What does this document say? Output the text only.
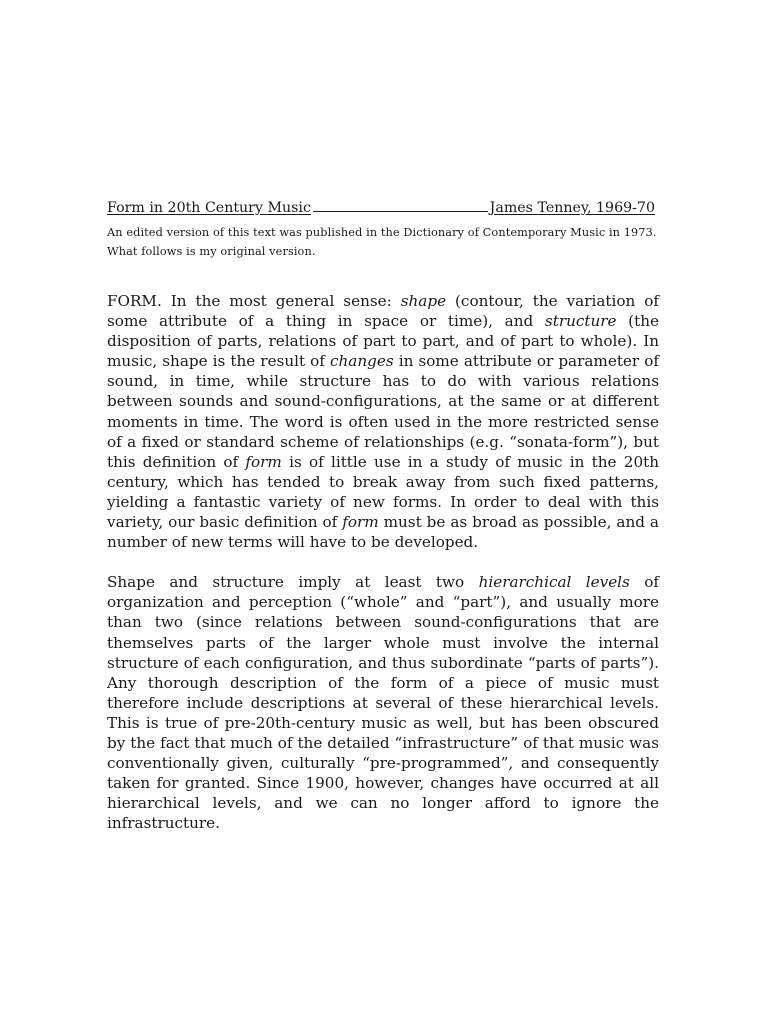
Form in 20th Century Music	James Tenney, 1969-70
An edited version of this text was published in the Dictionary of Contemporary Music in 1973. What follows is my original version.

FORM. In the most general sense: shape (contour, the variation of some attribute of a thing in space or time), and structure (the disposition of parts, relations of part to part, and of part to whole). In music, shape is the result of changes in some attribute or parameter of sound, in time, while structure has to do with various relations between sounds and sound-configurations, at the same or at different moments in time. The word is often used in the more restricted sense of a fixed or standard scheme of relationships (e.g. “sonata-form”), but this definition of form is of little use in a study of music in the 20th century, which has tended to break away from such fixed patterns, yielding a fantastic variety of new forms. In order to deal with this variety, our basic definition of form must be as broad as possible, and a number of new terms will have to be developed.

Shape and structure imply at least two hierarchical levels of organization and perception (“whole” and “part”), and usually more than two (since relations between sound-configurations that are themselves parts of the larger whole must involve the internal structure of each configuration, and thus subordinate “parts of parts”). Any thorough description of the form of a piece of music must therefore include descriptions at several of these hierarchical levels. This is true of pre-20th-century music as well, but has been obscured by the fact that much of the detailed “infrastructure” of that music was conventionally given, culturally “pre-programmed”, and consequently taken for granted. Since 1900, however, changes have occurred at all hierarchical levels, and we can no longer afford to ignore the infrastructure.
